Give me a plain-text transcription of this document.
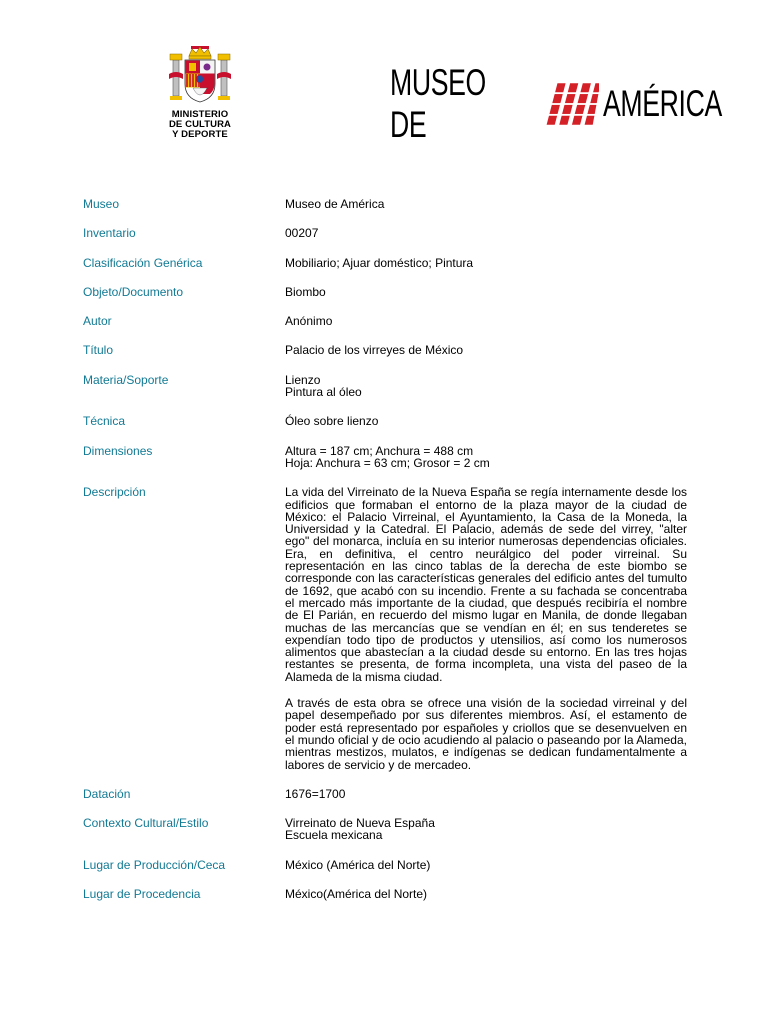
MINISTERIO
DE CULTURA
Y DEPORTE
MUSEO DE
AMÉRICA
Museo	Museo de América
Inventario	00207
Clasificación Genérica	Mobiliario; Ajuar doméstico; Pintura
Objeto/Documento	Biombo
Autor	Anónimo
Título	Palacio de los virreyes de México
Materia/Soporte	Lienzo
Pintura al óleo
Técnica	Óleo sobre lienzo
Dimensiones	Altura = 187 cm; Anchura = 488 cm
Hoja: Anchura = 63 cm; Grosor = 2 cm
Descripción	La vida del Virreinato de la Nueva España se regía internamente desde los edificios que formaban el entorno de la plaza mayor de la ciudad de México: el Palacio Virreinal, el Ayuntamiento, la Casa de la Moneda, la Universidad y la Catedral. El Palacio, además de sede del virrey, "alter ego" del monarca, incluía en su interior numerosas dependencias oficiales. Era, en definitiva, el centro neurálgico del poder virreinal. Su representación en las cinco tablas de la derecha de este biombo se corresponde con las características generales del edificio antes del tumulto de 1692, que acabó con su incendio. Frente a su fachada se concentraba el mercado más importante de la ciudad, que después recibiría el nombre de El Parián, en recuerdo del mismo lugar en Manila, de donde llegaban muchas de las mercancías que se vendían en él; en sus tenderetes se expendían todo tipo de productos y utensilios, así como los numerosos alimentos que abastecían a la ciudad desde su entorno. En las tres hojas restantes se presenta, de forma incompleta, una vista del paseo de la Alameda de la misma ciudad.

A través de esta obra se ofrece una visión de la sociedad virreinal y del papel desempeñado por sus diferentes miembros. Así, el estamento de poder está representado por españoles y criollos que se desenvuelven en el mundo oficial y de ocio acudiendo al palacio o paseando por la Alameda, mientras mestizos, mulatos, e indígenas se dedican fundamentalmente a labores de servicio y de mercadeo.

Datación	1676=1700
Contexto Cultural/Estilo	Virreinato de Nueva España
Escuela mexicana
Lugar de Producción/Ceca	México (América del Norte)
Lugar de Procedencia	México(América del Norte)
